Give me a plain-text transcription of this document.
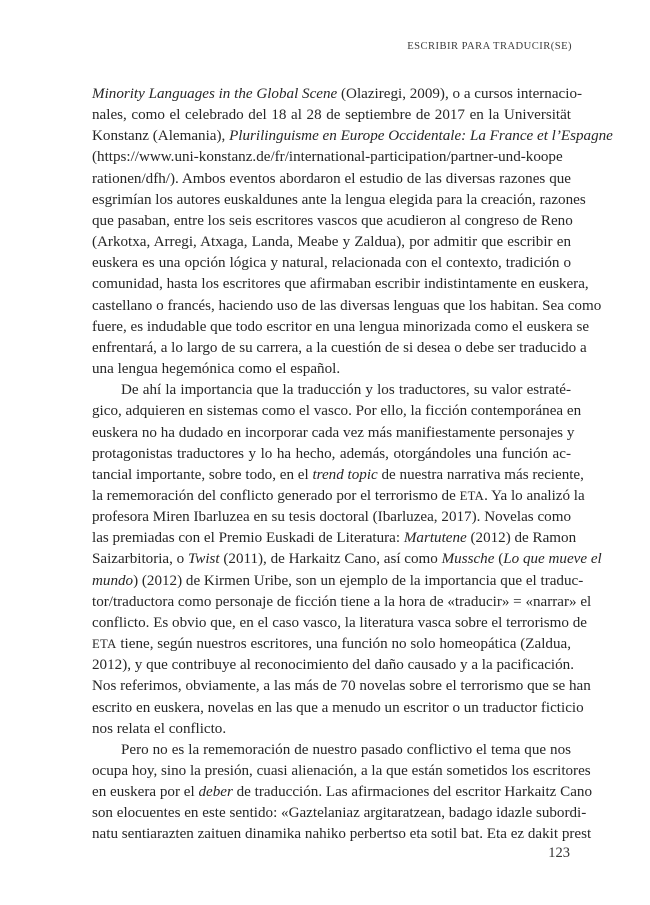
ESCRIBIR PARA TRADUCIR(SE)
Minority Languages in the Global Scene (Olaziregi, 2009), o a cursos internacio-
nales, como el celebrado del 18 al 28 de septiembre de 2017 en la Universität
Konstanz (Alemania), Plurilinguisme en Europe Occidentale: La France et l’Espagne
(https://www.uni-konstanz.de/fr/international-participation/partner-und-koope
rationen/dfh/). Ambos eventos abordaron el estudio de las diversas razones que
esgrimían los autores euskaldunes ante la lengua elegida para la creación, razones
que pasaban, entre los seis escritores vascos que acudieron al congreso de Reno
(Arkotxa, Arregi, Atxaga, Landa, Meabe y Zaldua), por admitir que escribir en
euskera es una opción lógica y natural, relacionada con el contexto, tradición o
comunidad, hasta los escritores que afirmaban escribir indistintamente en euskera,
castellano o francés, haciendo uso de las diversas lenguas que los habitan. Sea como
fuere, es indudable que todo escritor en una lengua minorizada como el euskera se
enfrentará, a lo largo de su carrera, a la cuestión de si desea o debe ser traducido a
una lengua hegemónica como el español.
De ahí la importancia que la traducción y los traductores, su valor estraté-
gico, adquieren en sistemas como el vasco. Por ello, la ficción contemporánea en
euskera no ha dudado en incorporar cada vez más manifiestamente personajes y
protagonistas traductores y lo ha hecho, además, otorgándoles una función ac-
tancial importante, sobre todo, en el trend topic de nuestra narrativa más reciente,
la rememoración del conflicto generado por el terrorismo de ETA. Ya lo analizó la
profesora Miren Ibarluzea en su tesis doctoral (Ibarluzea, 2017). Novelas como
las premiadas con el Premio Euskadi de Literatura: Martutene (2012) de Ramon
Saizarbitoria, o Twist (2011), de Harkaitz Cano, así como Mussche (Lo que mueve el
mundo) (2012) de Kirmen Uribe, son un ejemplo de la importancia que el traduc-
tor/traductora como personaje de ficción tiene a la hora de «traducir» = «narrar» el
conflicto. Es obvio que, en el caso vasco, la literatura vasca sobre el terrorismo de
ETA tiene, según nuestros escritores, una función no solo homeopática (Zaldua,
2012), y que contribuye al reconocimiento del daño causado y a la pacificación.
Nos referimos, obviamente, a las más de 70 novelas sobre el terrorismo que se han
escrito en euskera, novelas en las que a menudo un escritor o un traductor ficticio
nos relata el conflicto.
Pero no es la rememoración de nuestro pasado conflictivo el tema que nos
ocupa hoy, sino la presión, cuasi alienación, a la que están sometidos los escritores
en euskera por el deber de traducción. Las afirmaciones del escritor Harkaitz Cano
son elocuentes en este sentido: «Gaztelaniaz argitaratzean, badago idazle subordi-
natu sentiarazten zaituen dinamika nahiko perbertso eta sotil bat. Eta ez dakit prest
123
